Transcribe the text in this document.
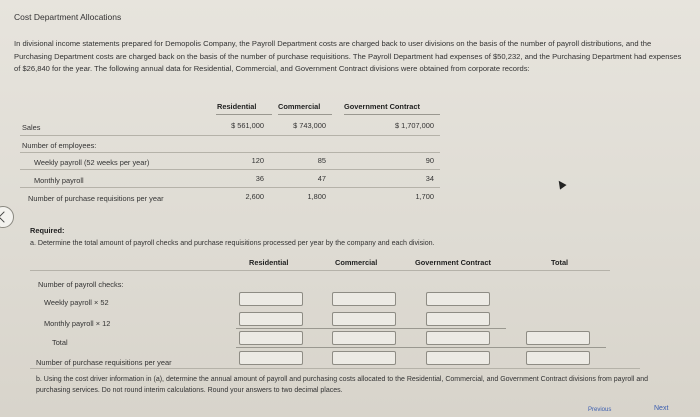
Cost Department Allocations
In divisional income statements prepared for Demopolis Company, the Payroll Department costs are charged back to user divisions on the basis of the number of payroll distributions, and the Purchasing Department costs are charged back on the basis of the number of purchase requisitions. The Payroll Department had expenses of $50,232, and the Purchasing Department had expenses of $26,840 for the year. The following annual data for Residential, Commercial, and Government Contract divisions were obtained from corporate records:
Residential	Commercial	Government Contract
Sales	$ 561,000	$ 743,000	$ 1,707,000
Number of employees:
Weekly payroll (52 weeks per year)	120	85	90
Monthly payroll	36	47	34
Number of purchase requisitions per year	2,600	1,800	1,700
Required:
a. Determine the total amount of payroll checks and purchase requisitions processed per year by the company and each division.
Residential	Commercial	Government Contract	Total
Number of payroll checks:
Weekly payroll × 52
Monthly payroll × 12
Total
Number of purchase requisitions per year
b. Using the cost driver information in (a), determine the annual amount of payroll and purchasing costs allocated to the Residential, Commercial, and Government Contract divisions from payroll and purchasing services. Do not round interim calculations. Round your answers to two decimal places.
Previous	Next
